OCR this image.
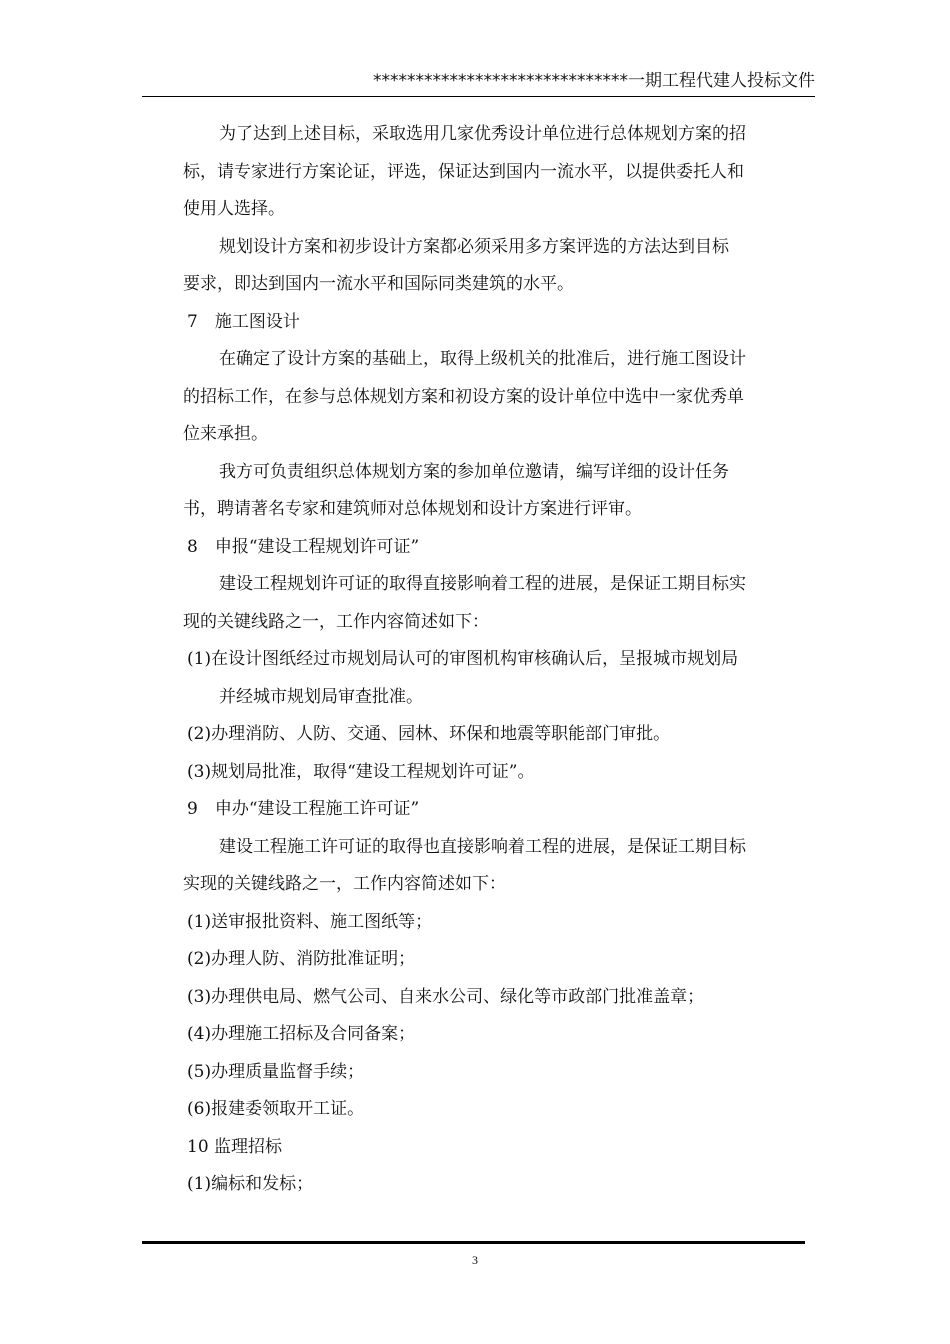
******************************一期工程代建人投标文件

为了达到上述目标，采取选用几家优秀设计单位进行总体规划方案的招

标，请专家进行方案论证，评选，保证达到国内一流水平，以提供委托人和

使用人选择。

规划设计方案和初步设计方案都必须采用多方案评选的方法达到目标

要求，即达到国内一流水平和国际同类建筑的水平。

7　施工图设计

在确定了设计方案的基础上，取得上级机关的批准后，进行施工图设计

的招标工作，在参与总体规划方案和初设方案的设计单位中选中一家优秀单

位来承担。

我方可负责组织总体规划方案的参加单位邀请，编写详细的设计任务

书，聘请著名专家和建筑师对总体规划和设计方案进行评审。

8　申报“建设工程规划许可证”

建设工程规划许可证的取得直接影响着工程的进展，是保证工期目标实

现的关键线路之一，工作内容简述如下：

(1)在设计图纸经过市规划局认可的审图机构审核确认后，呈报城市规划局

并经城市规划局审查批准。

(2)办理消防、人防、交通、园林、环保和地震等职能部门审批。

(3)规划局批准，取得“建设工程规划许可证”。

9　申办“建设工程施工许可证”

建设工程施工许可证的取得也直接影响着工程的进展，是保证工期目标

实现的关键线路之一，工作内容简述如下：

(1)送审报批资料、施工图纸等；

(2)办理人防、消防批准证明；

(3)办理供电局、燃气公司、自来水公司、绿化等市政部门批准盖章；

(4)办理施工招标及合同备案；

(5)办理质量监督手续；

(6)报建委领取开工证。

10 监理招标

(1)编标和发标；

3
